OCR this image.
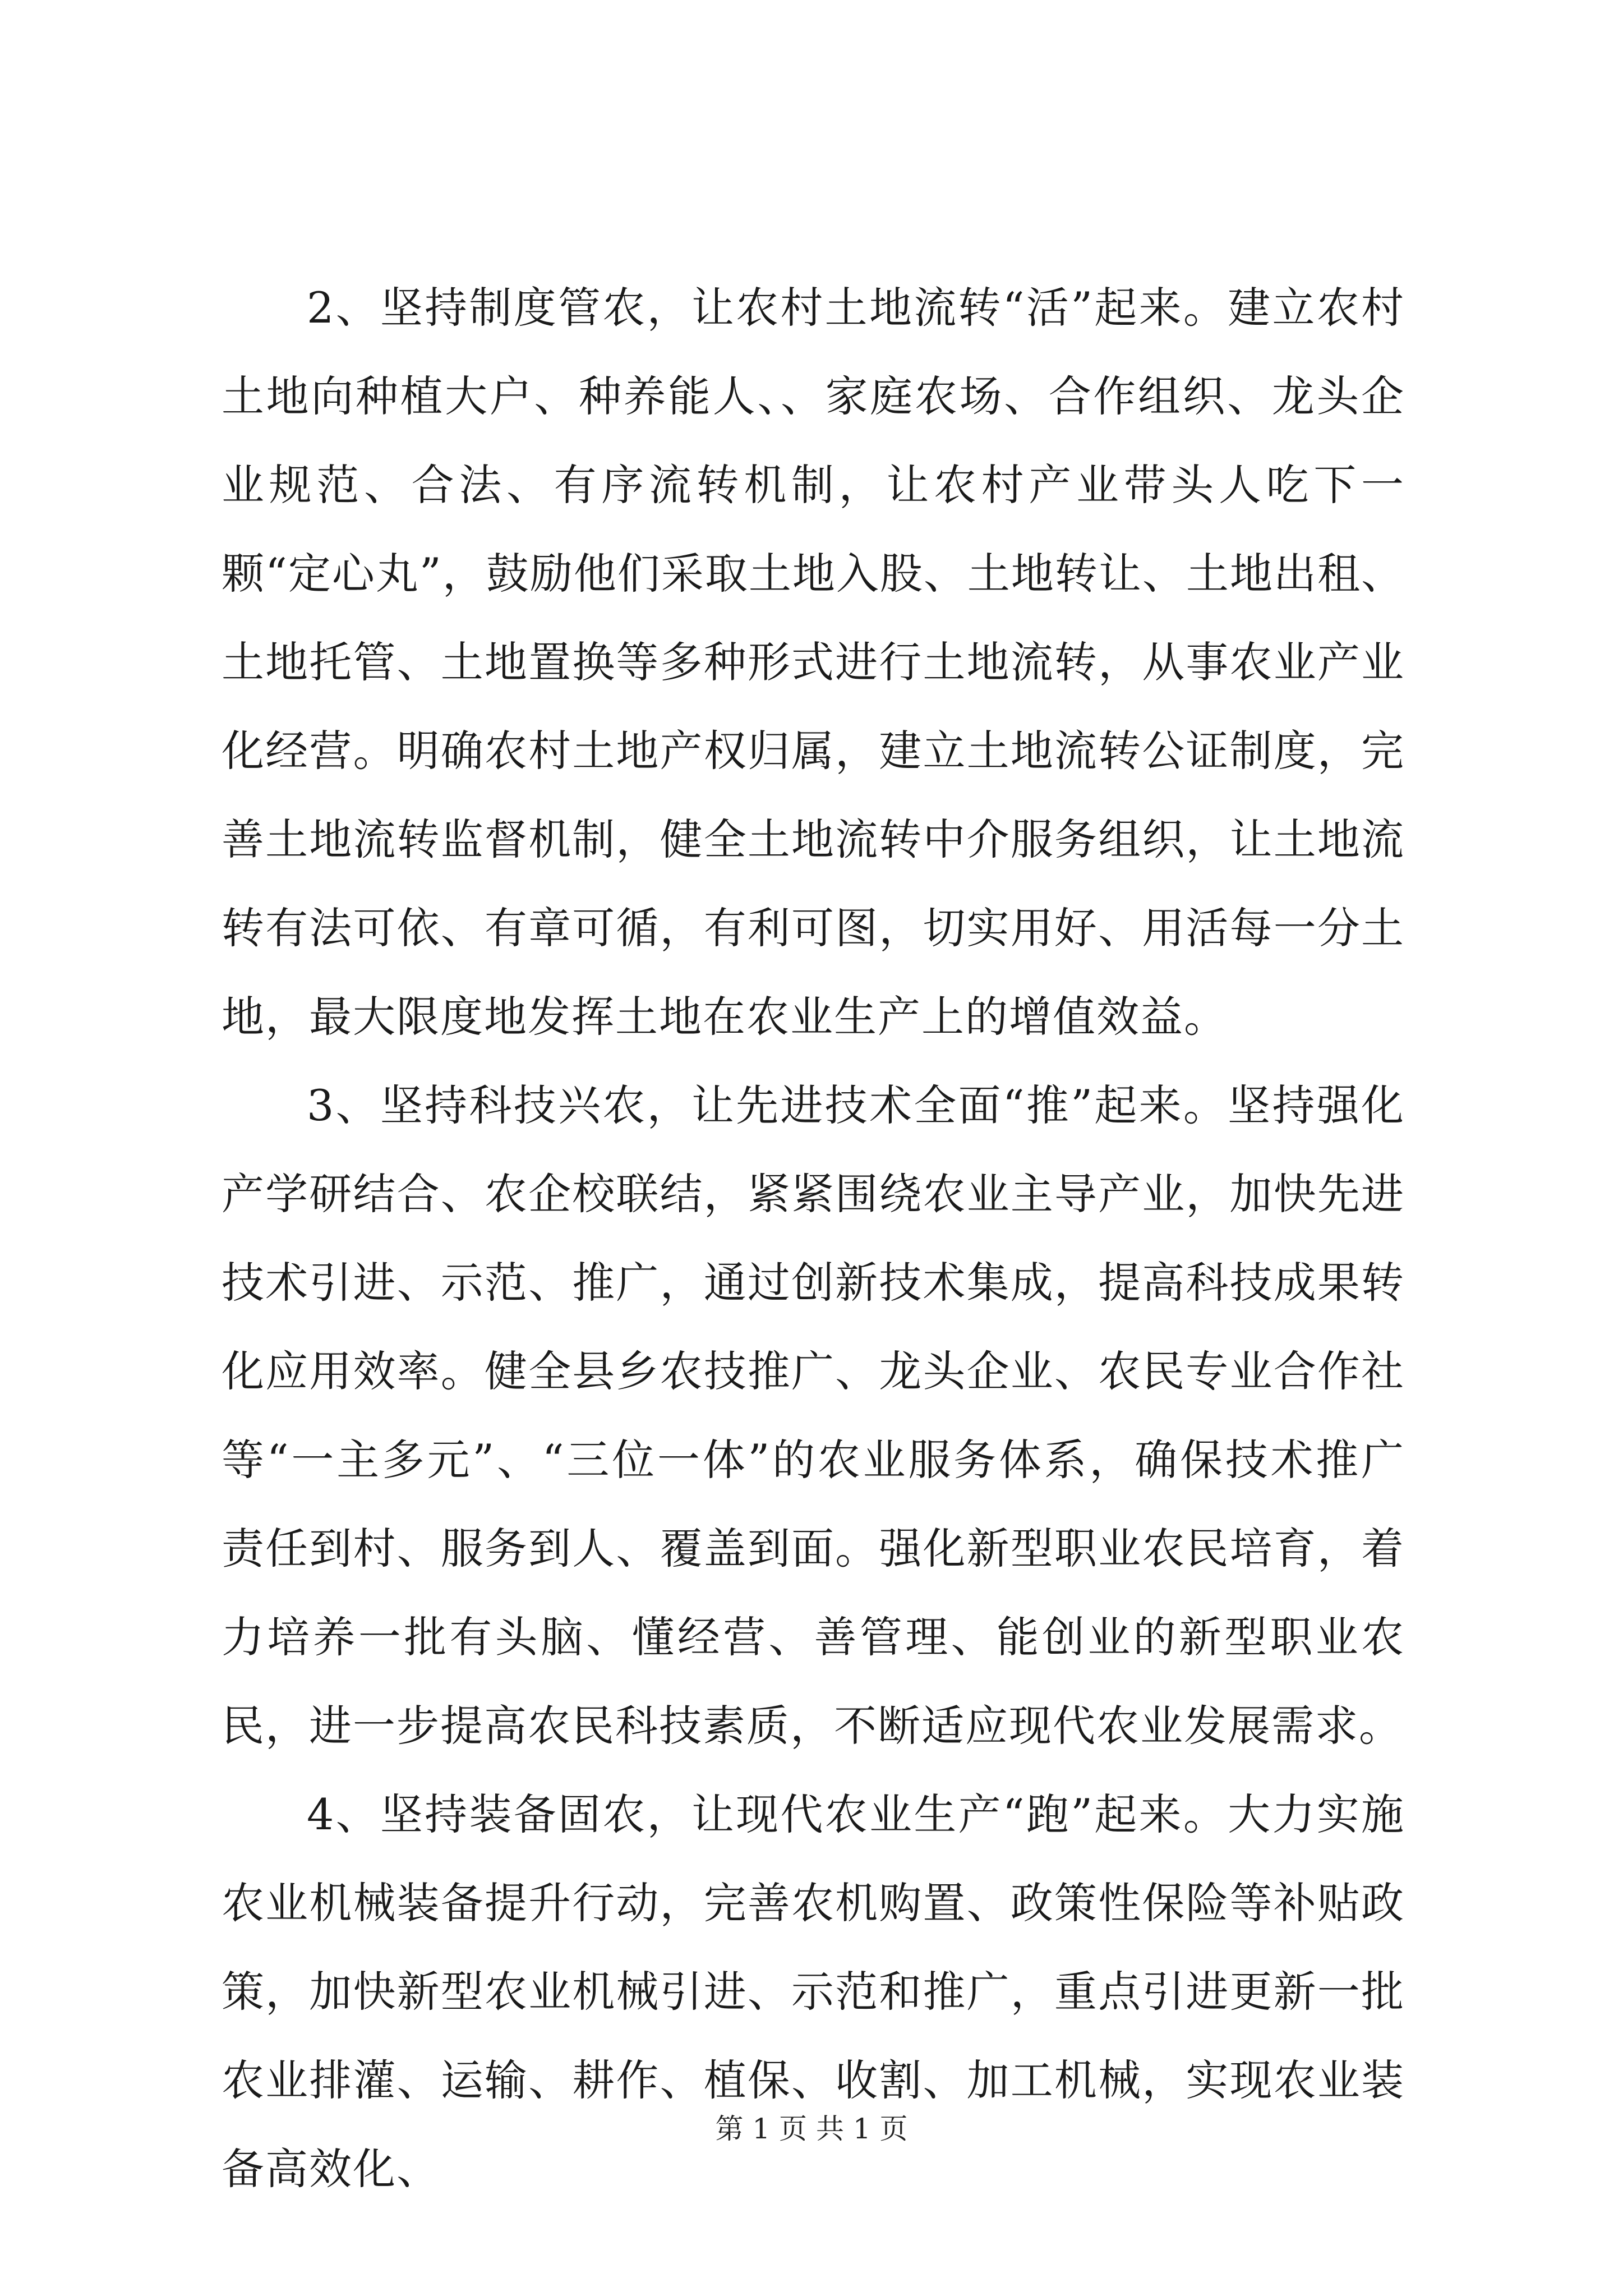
2、坚持制度管农，让农村土地流转“活”起来。建立农村土地向种植大户、种养能人、、家庭农场、合作组织、龙头企业规范、合法、有序流转机制，让农村产业带头人吃下一颗“定心丸”，鼓励他们采取土地入股、土地转让、土地出租、土地托管、土地置换等多种形式进行土地流转，从事农业产业化经营。明确农村土地产权归属，建立土地流转公证制度，完善土地流转监督机制，健全土地流转中介服务组织，让土地流转有法可依、有章可循，有利可图，切实用好、用活每一分土地，最大限度地发挥土地在农业生产上的增值效益。

3、坚持科技兴农，让先进技术全面“推”起来。坚持强化产学研结合、农企校联结，紧紧围绕农业主导产业，加快先进技术引进、示范、推广，通过创新技术集成，提高科技成果转化应用效率。健全县乡农技推广、龙头企业、农民专业合作社等“一主多元”、“三位一体”的农业服务体系，确保技术推广责任到村、服务到人、覆盖到面。强化新型职业农民培育，着力培养一批有头脑、懂经营、善管理、能创业的新型职业农民，进一步提高农民科技素质，不断适应现代农业发展需求。

4、坚持装备固农，让现代农业生产“跑”起来。大力实施农业机械装备提升行动，完善农机购置、政策性保险等补贴政策，加快新型农业机械引进、示范和推广，重点引进更新一批农业排灌、运输、耕作、植保、收割、加工机械，实现农业装备高效化、

第 1 页 共 1 页
